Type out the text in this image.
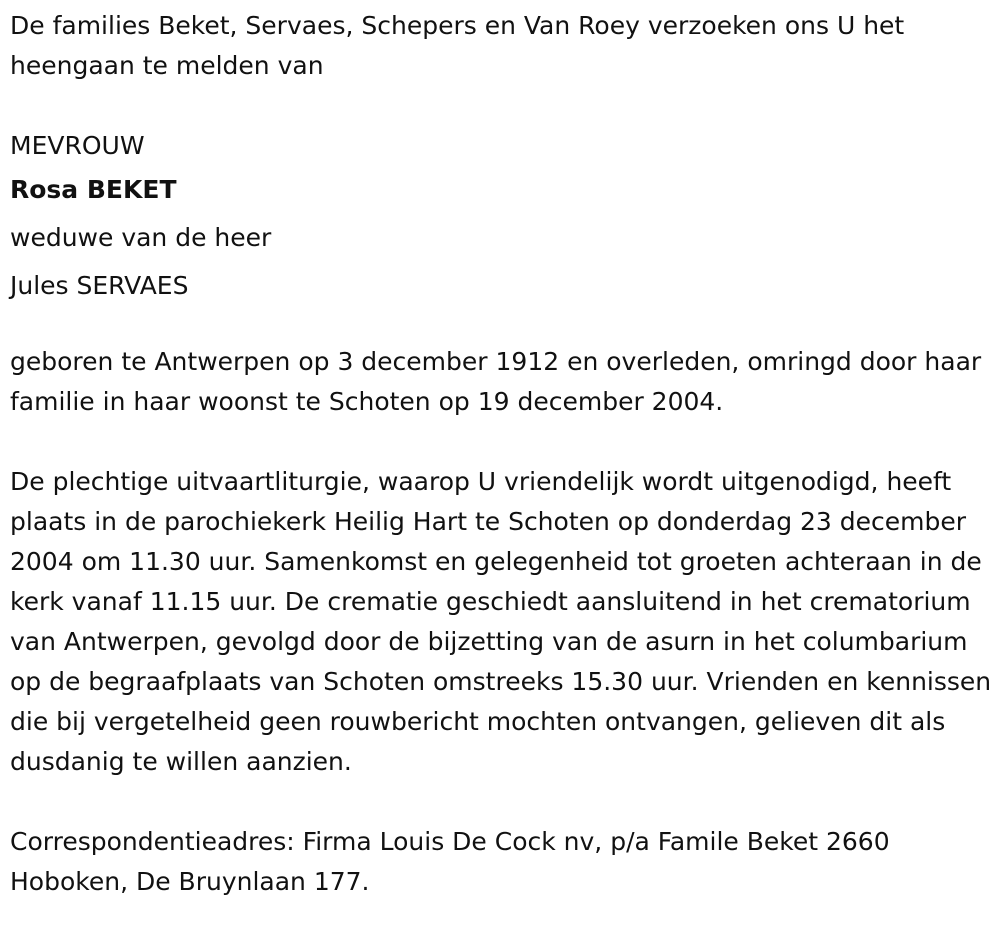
De families Beket, Servaes, Schepers en Van Roey verzoeken ons U het heengaan te melden van

MEVROUW

Rosa BEKET

weduwe van de heer

Jules SERVAES

geboren te Antwerpen op 3 december 1912 en overleden, omringd door haar familie in haar woonst te Schoten op 19 december 2004.

De plechtige uitvaartliturgie, waarop U vriendelijk wordt uitgenodigd, heeft plaats in de parochiekerk Heilig Hart te Schoten op donderdag 23 december 2004 om 11.30 uur. Samenkomst en gelegenheid tot groeten achteraan in de kerk vanaf 11.15 uur. De crematie geschiedt aansluitend in het crematorium van Antwerpen, gevolgd door de bijzetting van de asurn in het columbarium op de begraafplaats van Schoten omstreeks 15.30 uur. Vrienden en kennissen die bij vergetelheid geen rouwbericht mochten ontvangen, gelieven dit als dusdanig te willen aanzien.

Correspondentieadres: Firma Louis De Cock nv, p/a Famile Beket 2660 Hoboken, De Bruynlaan 177.
